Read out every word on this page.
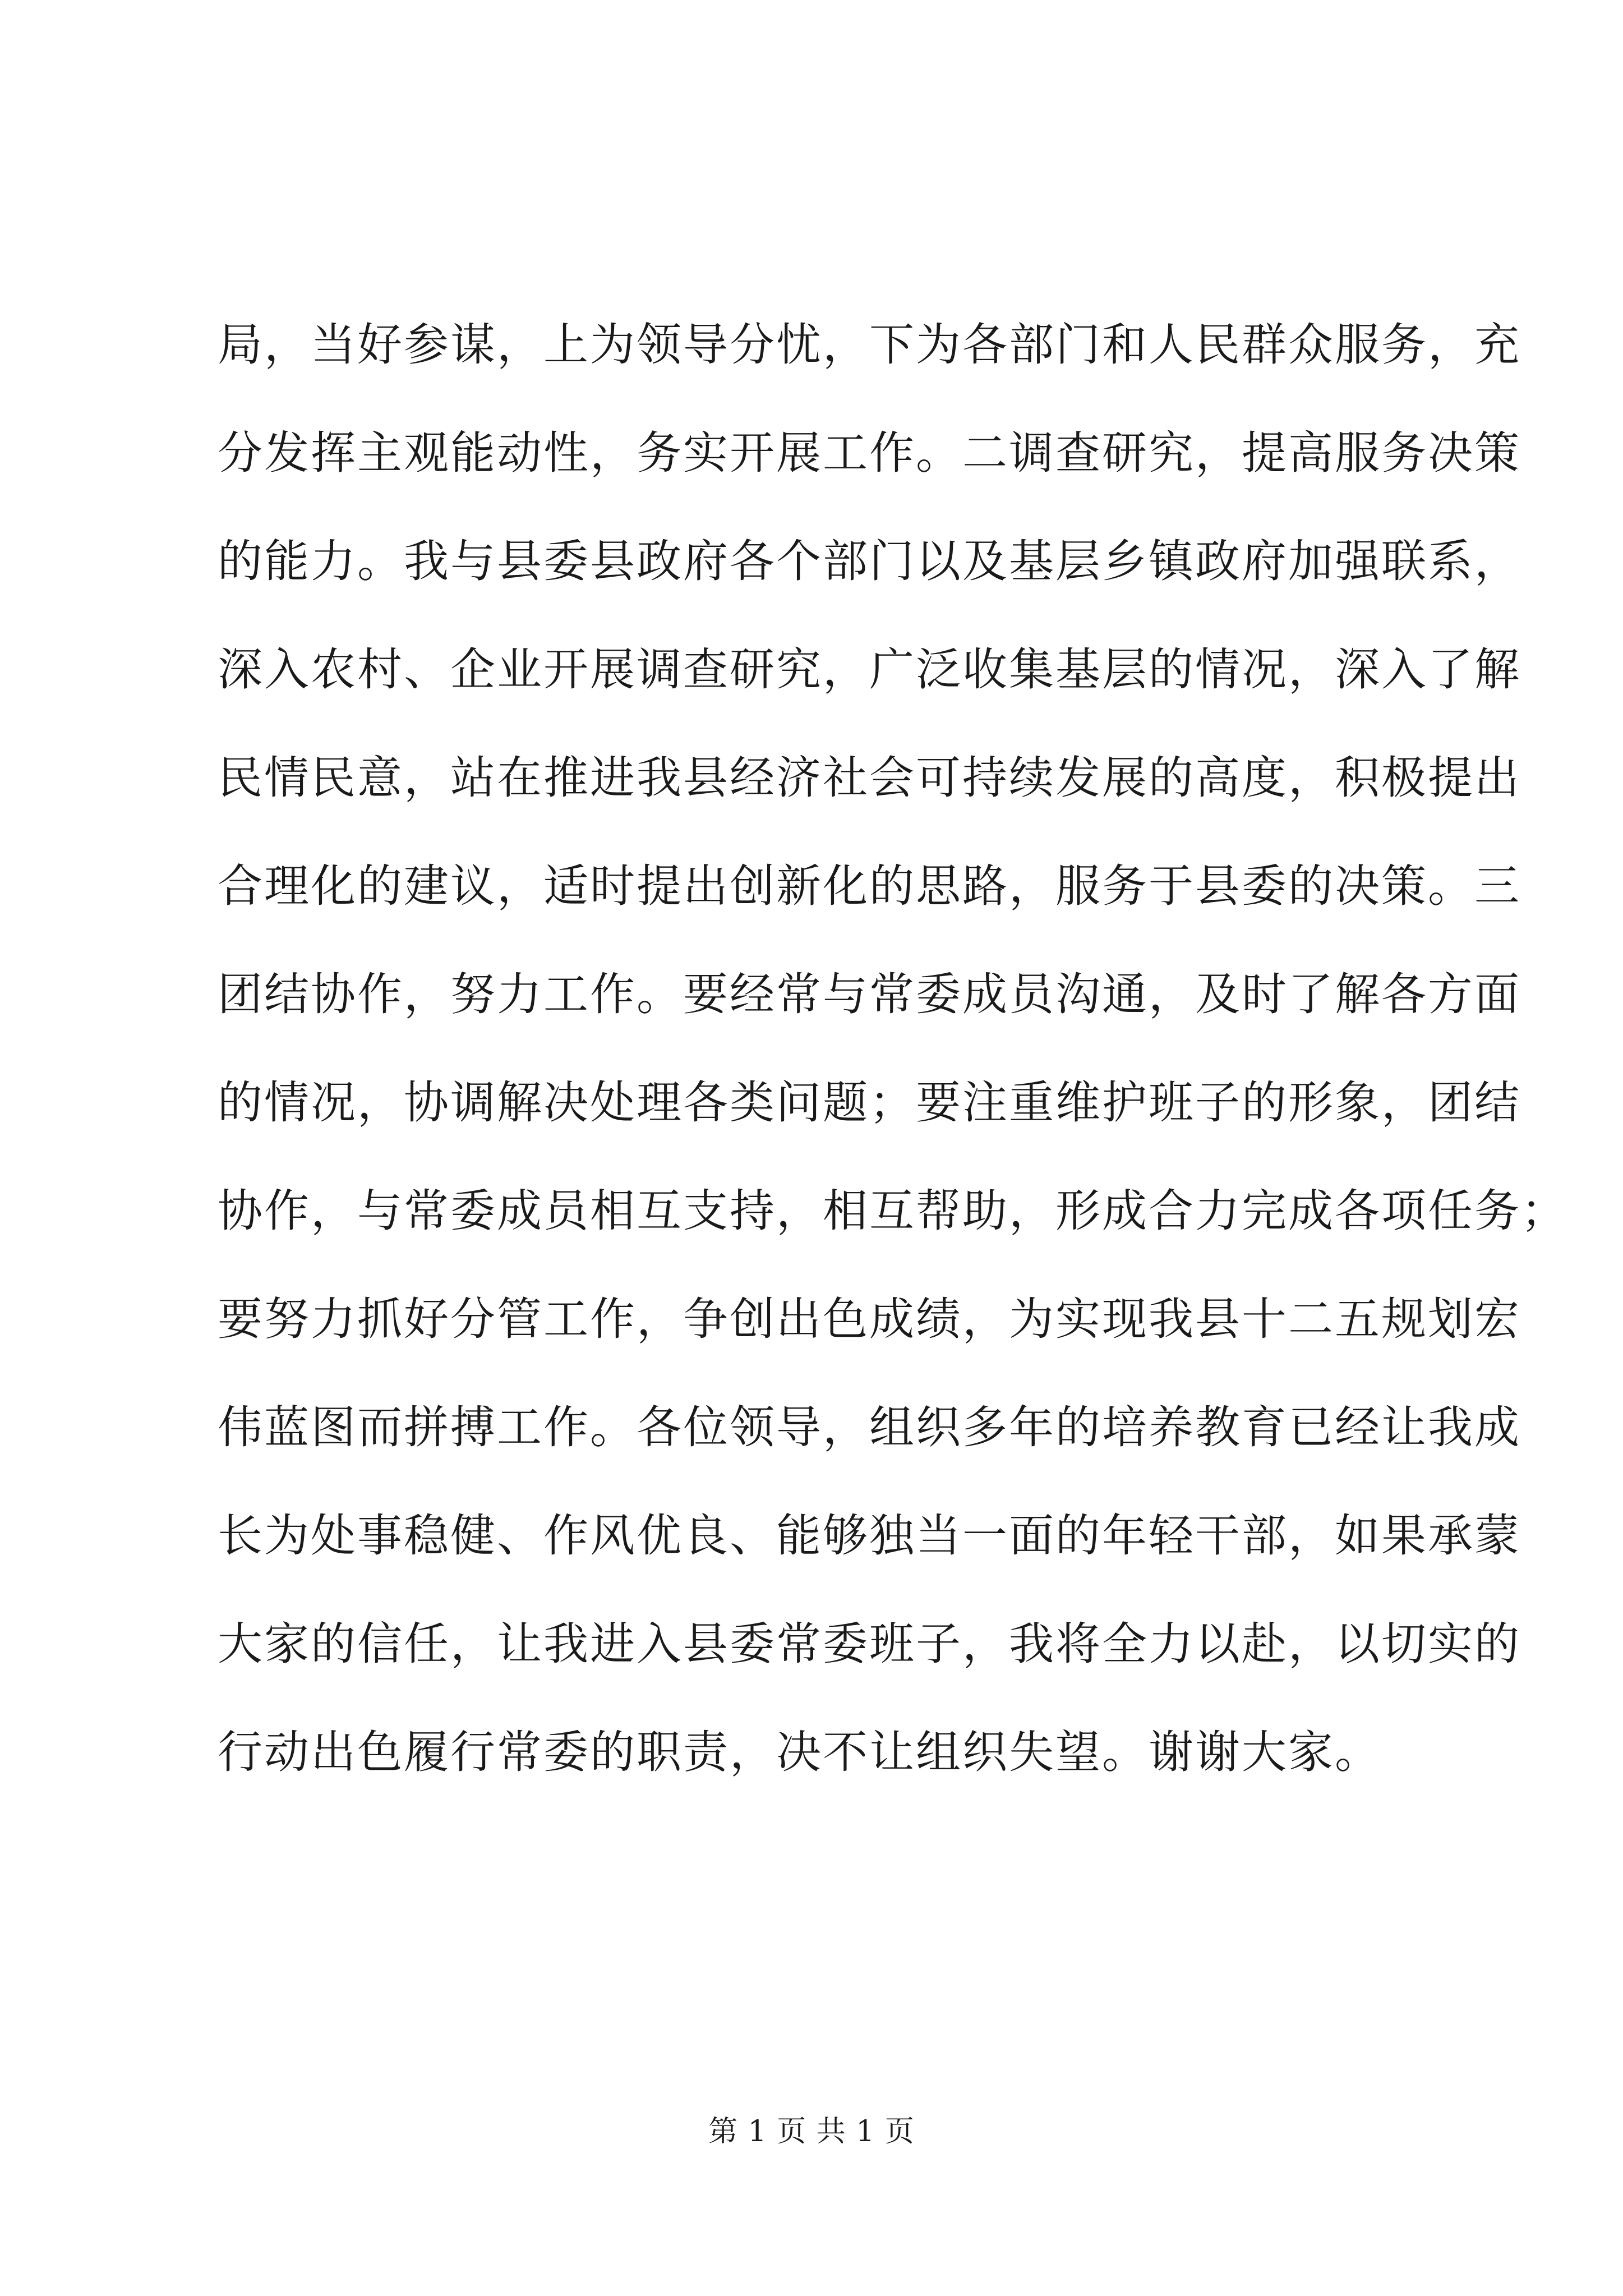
局，当好参谋，上为领导分忧，下为各部门和人民群众服务，充
分发挥主观能动性，务实开展工作。二调查研究，提高服务决策
的能力。我与县委县政府各个部门以及基层乡镇政府加强联系，
深入农村、企业开展调查研究，广泛收集基层的情况，深入了解
民情民意，站在推进我县经济社会可持续发展的高度，积极提出
合理化的建议，适时提出创新化的思路，服务于县委的决策。三
团结协作，努力工作。要经常与常委成员沟通，及时了解各方面
的情况，协调解决处理各类问题；要注重维护班子的形象，团结
协作，与常委成员相互支持，相互帮助，形成合力完成各项任务；
要努力抓好分管工作，争创出色成绩，为实现我县十二五规划宏
伟蓝图而拼搏工作。各位领导，组织多年的培养教育已经让我成
长为处事稳健、作风优良、能够独当一面的年轻干部，如果承蒙
大家的信任，让我进入县委常委班子，我将全力以赴，以切实的
行动出色履行常委的职责，决不让组织失望。谢谢大家。
第 1 页 共 1 页
